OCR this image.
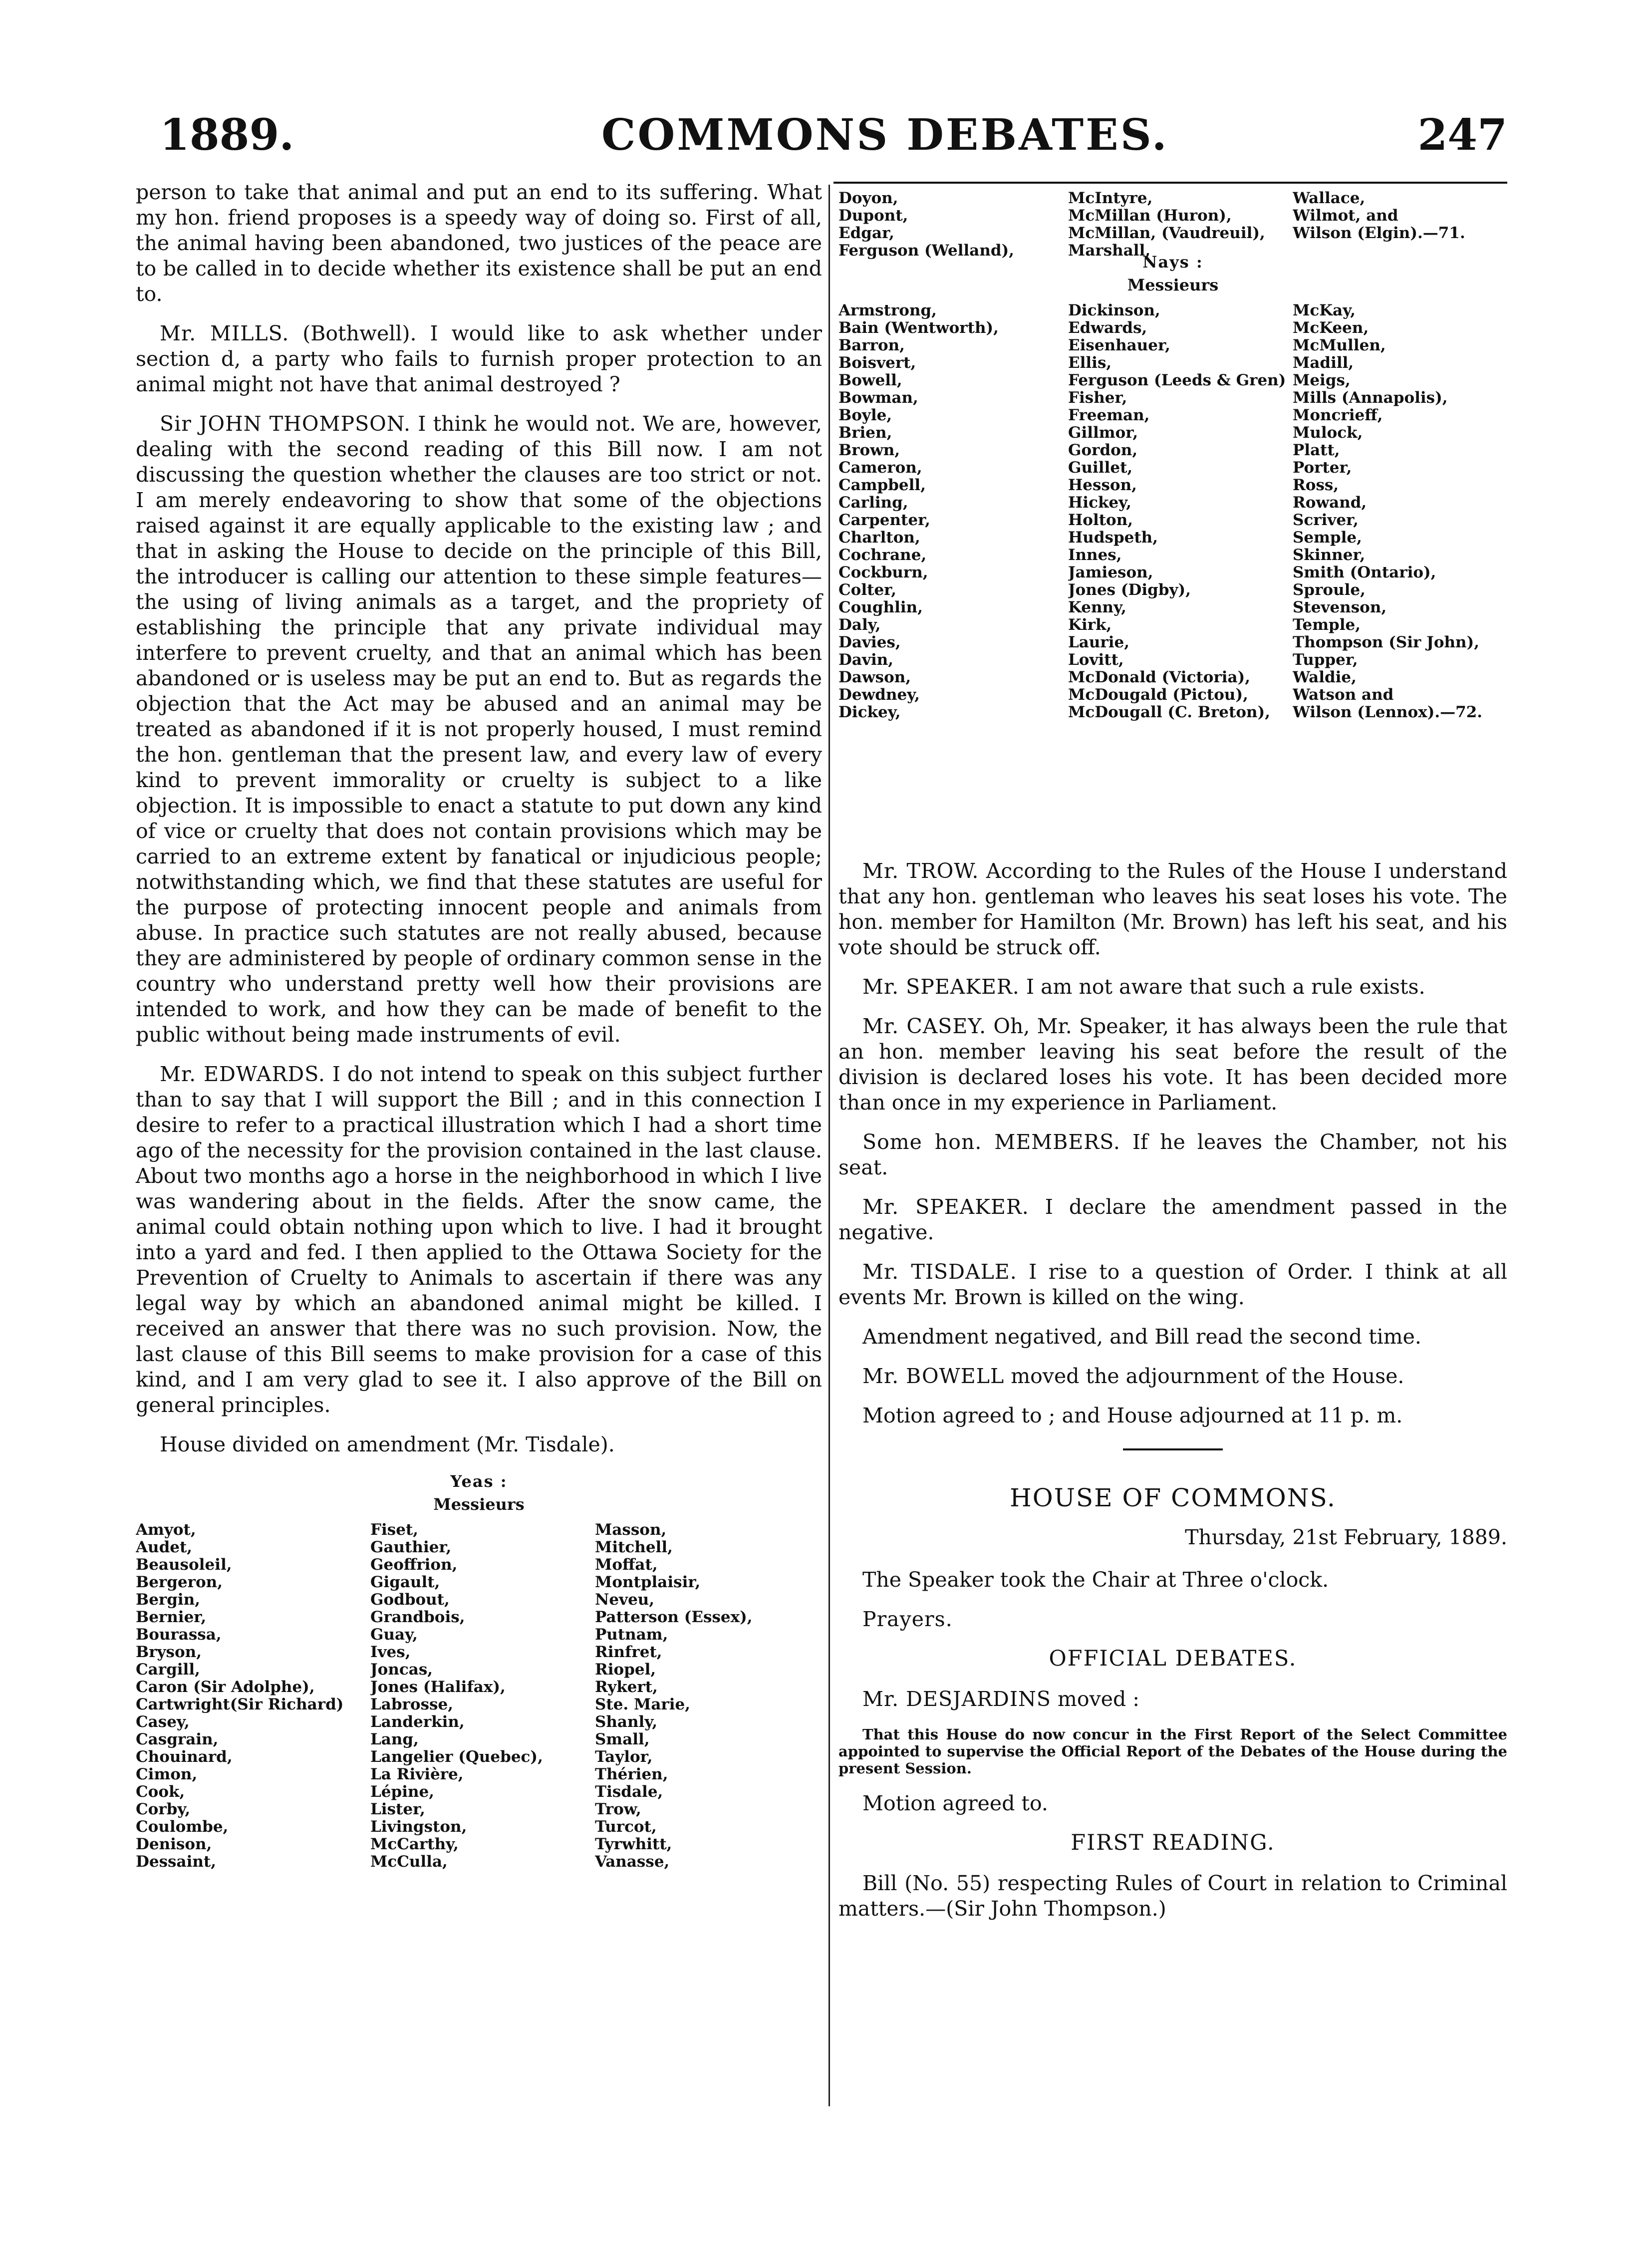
1889.	COMMONS DEBATES.	247

person to take that animal and put an end to its suffering. What my hon. friend proposes is a speedy way of doing so. First of all, the animal having been abandoned, two justices of the peace are to be called in to decide whether its existence shall be put an end to.

Mr. MILLS. (Bothwell). I would like to ask whether under section d, a party who fails to furnish proper protection to an animal might not have that animal destroyed ?

Sir JOHN THOMPSON. I think he would not. We are, however, dealing with the second reading of this Bill now. I am not discussing the question whether the clauses are too strict or not. I am merely endeavoring to show that some of the objections raised against it are equally applicable to the existing law ; and that in asking the House to decide on the principle of this Bill, the introducer is calling our attention to these simple features—the using of living animals as a target, and the propriety of establishing the principle that any private individual may interfere to prevent cruelty, and that an animal which has been abandoned or is useless may be put an end to. But as regards the objection that the Act may be abused and an animal may be treated as abandoned if it is not properly housed, I must remind the hon. gentleman that the present law, and every law of every kind to prevent immorality or cruelty is subject to a like objection. It is impossible to enact a statute to put down any kind of vice or cruelty that does not contain provisions which may be carried to an extreme extent by fanatical or injudicious people; notwithstanding which, we find that these statutes are useful for the purpose of protecting innocent people and animals from abuse. In practice such statutes are not really abused, because they are administered by people of ordinary common sense in the country who understand pretty well how their provisions are intended to work, and how they can be made of benefit to the public without being made instruments of evil.

Mr. EDWARDS. I do not intend to speak on this subject further than to say that I will support the Bill ; and in this connection I desire to refer to a practical illustration which I had a short time ago of the necessity for the provision contained in the last clause. About two months ago a horse in the neighborhood in which I live was wandering about in the fields. After the snow came, the animal could obtain nothing upon which to live. I had it brought into a yard and fed. I then applied to the Ottawa Society for the Prevention of Cruelty to Animals to ascertain if there was any legal way by which an abandoned animal might be killed. I received an answer that there was no such provision. Now, the last clause of this Bill seems to make provision for a case of this kind, and I am very glad to see it. I also approve of the Bill on general principles.

House divided on amendment (Mr. Tisdale).

Yeas :
Messieurs
Amyot,
Audet,
Beausoleil,
Bergeron,
Bergin,
Bernier,
Bourassa,
Bryson,
Cargill,
Caron (Sir Adolphe),
Cartwright(Sir Richard)
Casey,
Casgrain,
Chouinard,
Cimon,
Cook,
Corby,
Coulombe,
Denison,
Dessaint,
Fiset,
Gauthier,
Geoffrion,
Gigault,
Godbout,
Grandbois,
Guay,
Ives,
Joncas,
Jones (Halifax),
Labrosse,
Landerkin,
Lang,
Langelier (Quebec),
La Rivière,
Lépine,
Lister,
Livingston,
McCarthy,
McCulla,
Masson,
Mitchell,
Moffat,
Montplaisir,
Neveu,
Patterson (Essex),
Putnam,
Rinfret,
Riopel,
Rykert,
Ste. Marie,
Shanly,
Small,
Taylor,
Thérien,
Tisdale,
Trow,
Turcot,
Tyrwhitt,
Vanasse,
Doyon,
Dupont,
Edgar,
Ferguson (Welland),
McIntyre,
McMillan (Huron),
McMillan, (Vaudreuil),
Marshall,
Wallace,
Wilmot, and
Wilson (Elgin).—71.

Nays :
Messieurs
Armstrong,
Bain (Wentworth),
Barron,
Boisvert,
Bowell,
Bowman,
Boyle,
Brien,
Brown,
Cameron,
Campbell,
Carling,
Carpenter,
Charlton,
Cochrane,
Cockburn,
Colter,
Coughlin,
Daly,
Davies,
Davin,
Dawson,
Dewdney,
Dickey,
Dickinson,
Edwards,
Eisenhauer,
Ellis,
Ferguson (Leeds & Gren)
Fisher,
Freeman,
Gillmor,
Gordon,
Guillet,
Hesson,
Hickey,
Holton,
Hudspeth,
Innes,
Jamieson,
Jones (Digby),
Kenny,
Kirk,
Laurie,
Lovitt,
McDonald (Victoria),
McDougald (Pictou),
McDougall (C. Breton),
McKay,
McKeen,
McMullen,
Madill,
Meigs,
Mills (Annapolis),
Moncrieff,
Mulock,
Platt,
Porter,
Ross,
Rowand,
Scriver,
Semple,
Skinner,
Smith (Ontario),
Sproule,
Stevenson,
Temple,
Thompson (Sir John),
Tupper,
Waldie,
Watson and
Wilson (Lennox).—72.

Mr. TROW. According to the Rules of the House I understand that any hon. gentleman who leaves his seat loses his vote. The hon. member for Hamilton (Mr. Brown) has left his seat, and his vote should be struck off.

Mr. SPEAKER. I am not aware that such a rule exists.

Mr. CASEY. Oh, Mr. Speaker, it has always been the rule that an hon. member leaving his seat before the result of the division is declared loses his vote. It has been decided more than once in my experience in Parliament.

Some hon. MEMBERS. If he leaves the Chamber, not his seat.

Mr. SPEAKER. I declare the amendment passed in the negative.

Mr. TISDALE. I rise to a question of Order. I think at all events Mr. Brown is killed on the wing.

Amendment negatived, and Bill read the second time.

Mr. BOWELL moved the adjournment of the House.

Motion agreed to ; and House adjourned at 11 p. m.

HOUSE OF COMMONS.
Thursday, 21st February, 1889.

The Speaker took the Chair at Three o'clock.

Prayers.

OFFICIAL DEBATES.

Mr. DESJARDINS moved :

That this House do now concur in the First Report of the Select Committee appointed to supervise the Official Report of the Debates of the House during the present Session.

Motion agreed to.

FIRST READING.

Bill (No. 55) respecting Rules of Court in relation to Criminal matters.—(Sir John Thompson.)
